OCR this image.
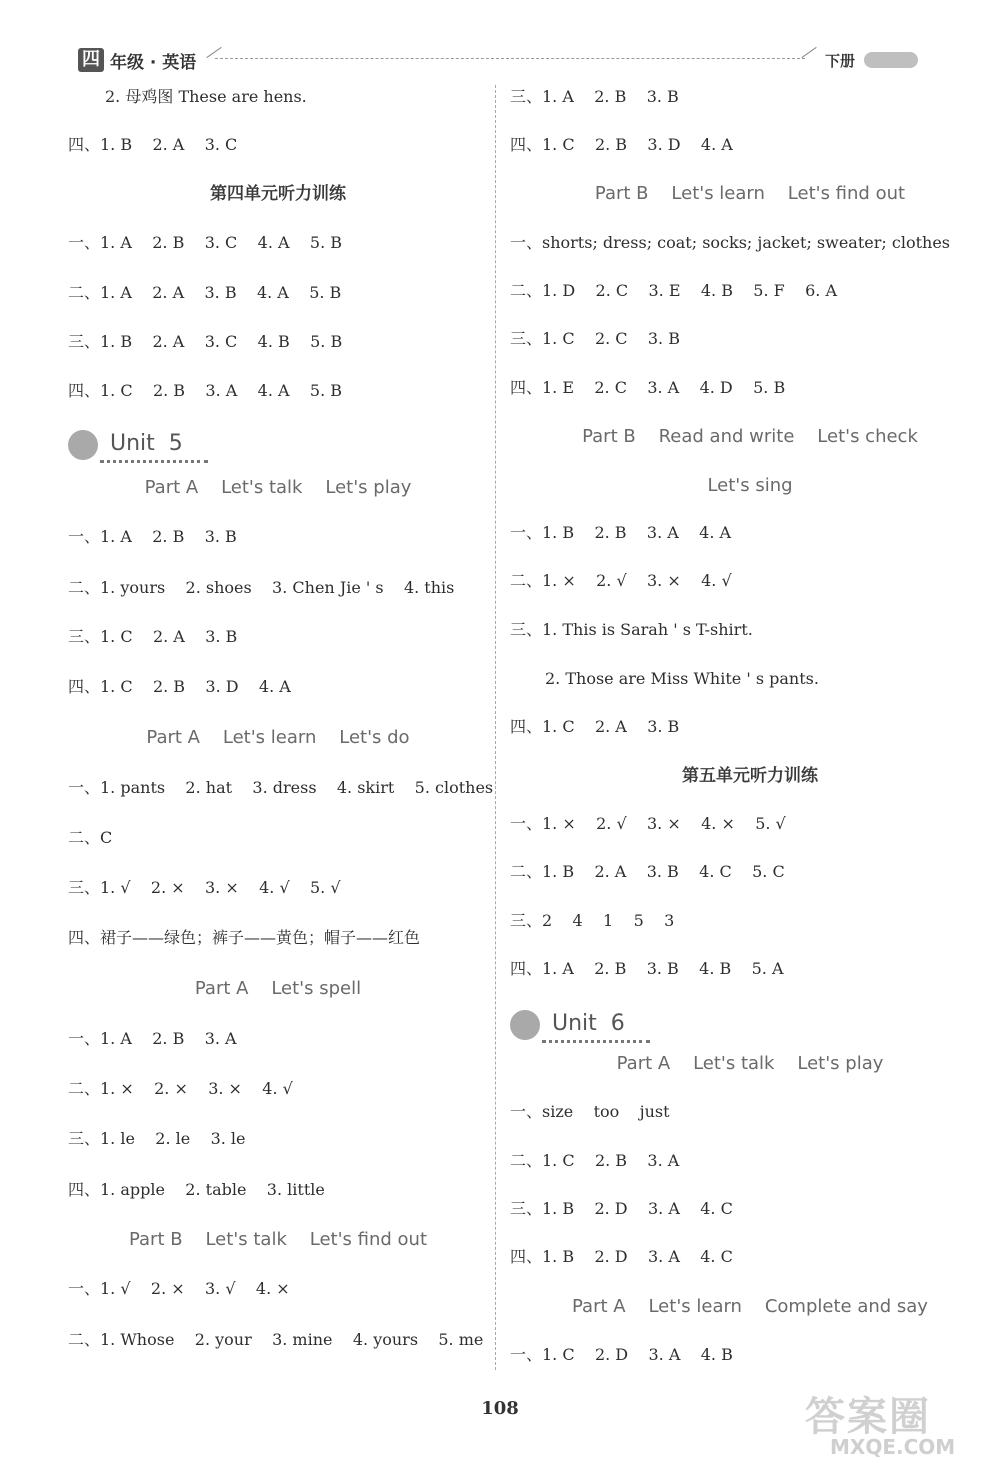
四 年级 · 英语	下册
2. 母鸡图 These are hens.
四、1. B    2. A    3. C
第四单元听力训练
一、1. A    2. B    3. C    4. A    5. B
二、1. A    2. A    3. B    4. A    5. B
三、1. B    2. A    3. C    4. B    5. B
四、1. C    2. B    3. A    4. A    5. B
Unit  5
Part A    Let's talk    Let's play
一、1. A    2. B    3. B
二、1. yours    2. shoes    3. Chen Jie ' s    4. this
三、1. C    2. A    3. B
四、1. C    2. B    3. D    4. A
Part A    Let's learn    Let's do
一、1. pants    2. hat    3. dress    4. skirt    5. clothes
二、C
三、1. √    2. ×    3. ×    4. √    5. √
四、裙子——绿色；裤子——黄色；帽子——红色
Part A    Let's spell
一、1. A    2. B    3. A
二、1. ×    2. ×    3. ×    4. √
三、1. le    2. le    3. le
四、1. apple    2. table    3. little
Part B    Let's talk    Let's find out
一、1. √    2. ×    3. √    4. ×
二、1. Whose    2. your    3. mine    4. yours    5. me
三、1. A    2. B    3. B
四、1. C    2. B    3. D    4. A
Part B    Let's learn    Let's find out
一、shorts; dress; coat; socks; jacket; sweater; clothes
二、1. D    2. C    3. E    4. B    5. F    6. A
三、1. C    2. C    3. B
四、1. E    2. C    3. A    4. D    5. B
Part B    Read and write    Let's check
Let's sing
一、1. B    2. B    3. A    4. A
二、1. ×    2. √    3. ×    4. √
三、1. This is Sarah ' s T-shirt.
2. Those are Miss White ' s pants.
四、1. C    2. A    3. B
第五单元听力训练
一、1. ×    2. √    3. ×    4. ×    5. √
二、1. B    2. A    3. B    4. C    5. C
三、2    4    1    5    3
四、1. A    2. B    3. B    4. B    5. A
Unit  6
Part A    Let's talk    Let's play
一、size    too    just
二、1. C    2. B    3. A
三、1. B    2. D    3. A    4. C
四、1. B    2. D    3. A    4. C
Part A    Let's learn    Complete and say
一、1. C    2. D    3. A    4. B
108	答案圈
MXQE.COM
